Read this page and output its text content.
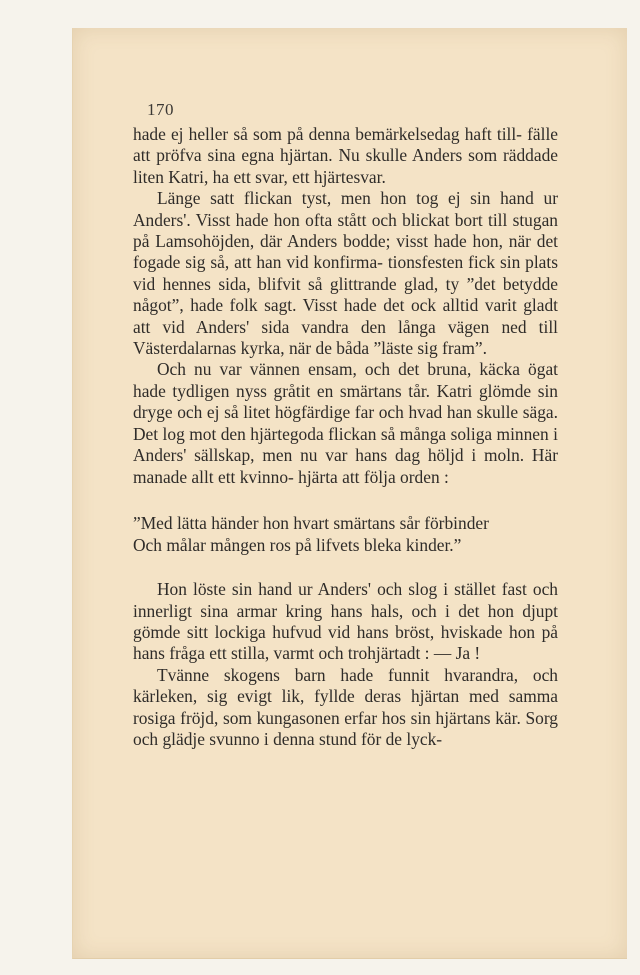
170

hade ej heller så som på denna bemärkelsedag haft till- fälle att pröfva sina egna hjärtan. Nu skulle Anders som räddade liten Katri, ha ett svar, ett hjärtesvar.

Länge satt flickan tyst, men hon tog ej sin hand ur Anders'. Visst hade hon ofta stått och blickat bort till stugan på Lamsohöjden, där Anders bodde; visst hade hon, när det fogade sig så, att han vid konfirma- tionsfesten fick sin plats vid hennes sida, blifvit så glittrande glad, ty ”det betydde något”, hade folk sagt. Visst hade det ock alltid varit gladt att vid Anders' sida vandra den långa vägen ned till Västerdalarnas kyrka, när de båda ”läste sig fram”.

Och nu var vännen ensam, och det bruna, käcka ögat hade tydligen nyss gråtit en smärtans tår. Katri glömde sin dryge och ej så litet högfärdige far och hvad han skulle säga. Det log mot den hjärtegoda flickan så många soliga minnen i Anders' sällskap, men nu var hans dag höljd i moln. Här manade allt ett kvinno- hjärta att följa orden :

”Med lätta händer hon hvart smärtans sår förbinder
Och målar mången ros på lifvets bleka kinder.”

Hon löste sin hand ur Anders' och slog i stället fast och innerligt sina armar kring hans hals, och i det hon djupt gömde sitt lockiga hufvud vid hans bröst, hviskade hon på hans fråga ett stilla, varmt och trohjärtadt : — Ja !

Tvänne skogens barn hade funnit hvarandra, och kärleken, sig evigt lik, fyllde deras hjärtan med samma rosiga fröjd, som kungasonen erfar hos sin hjärtans kär. Sorg och glädje svunno i denna stund för de lyck-
